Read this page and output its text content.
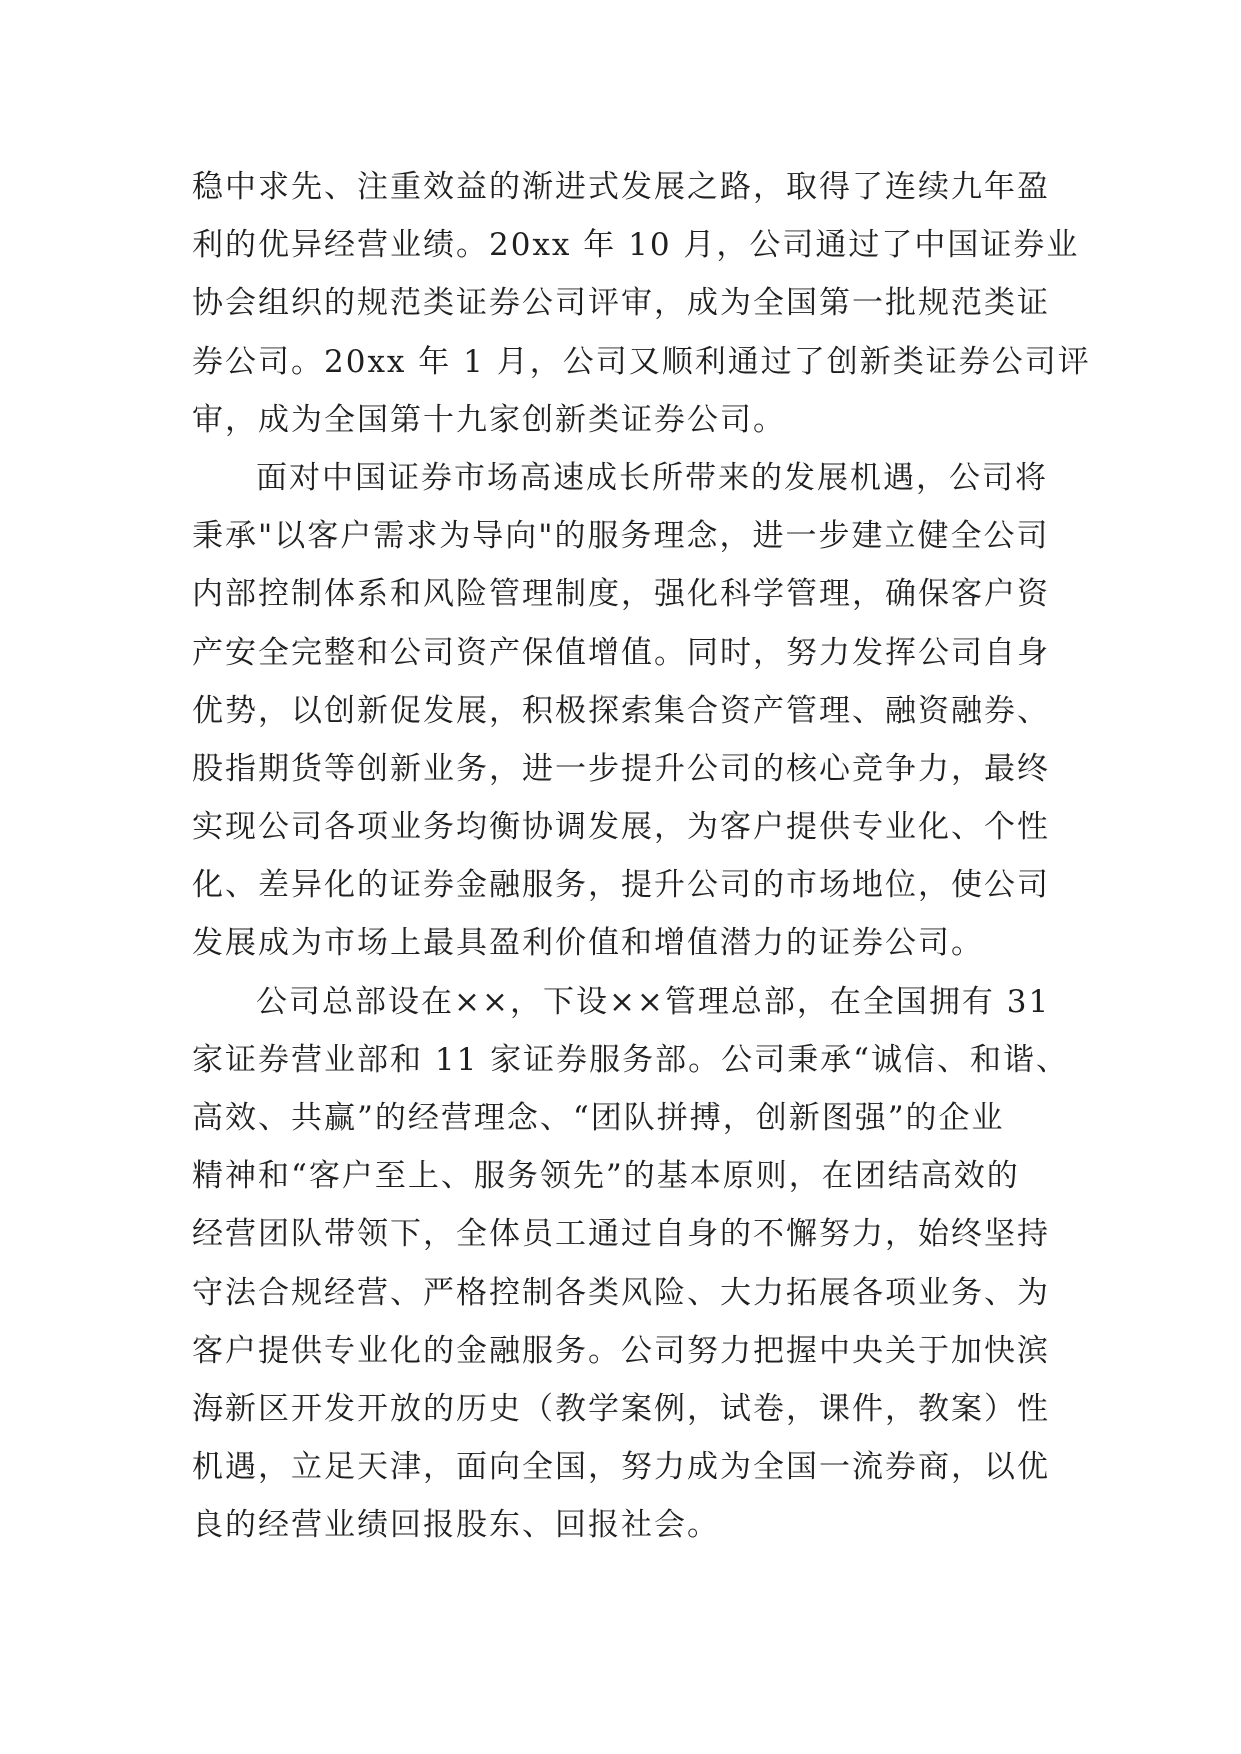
稳中求先、注重效益的渐进式发展之路，取得了连续九年盈
利的优异经营业绩。20xx 年 10 月，公司通过了中国证券业
协会组织的规范类证券公司评审，成为全国第一批规范类证
券公司。20xx 年 1 月，公司又顺利通过了创新类证券公司评
审，成为全国第十九家创新类证券公司。
面对中国证券市场高速成长所带来的发展机遇，公司将
秉承"以客户需求为导向"的服务理念，进一步建立健全公司
内部控制体系和风险管理制度，强化科学管理，确保客户资
产安全完整和公司资产保值增值。同时，努力发挥公司自身
优势，以创新促发展，积极探索集合资产管理、融资融券、
股指期货等创新业务，进一步提升公司的核心竞争力，最终
实现公司各项业务均衡协调发展，为客户提供专业化、个性
化、差异化的证券金融服务，提升公司的市场地位，使公司
发展成为市场上最具盈利价值和增值潜力的证券公司。
公司总部设在××，下设××管理总部，在全国拥有 31
家证券营业部和 11 家证券服务部。公司秉承“诚信、和谐、
高效、共赢”的经营理念、“团队拼搏，创新图强”的企业
精神和“客户至上、服务领先”的基本原则，在团结高效的
经营团队带领下，全体员工通过自身的不懈努力，始终坚持
守法合规经营、严格控制各类风险、大力拓展各项业务、为
客户提供专业化的金融服务。公司努力把握中央关于加快滨
海新区开发开放的历史（教学案例，试卷，课件，教案）性
机遇，立足天津，面向全国，努力成为全国一流券商，以优
良的经营业绩回报股东、回报社会。
